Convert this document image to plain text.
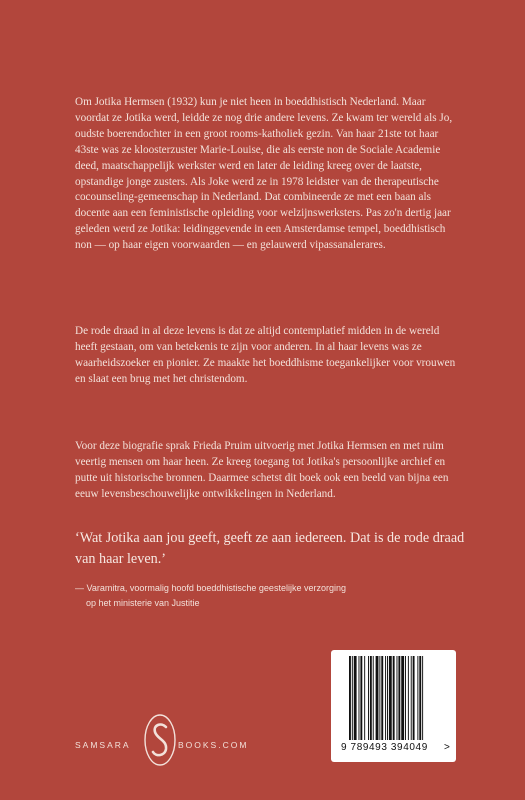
Om Jotika Hermsen (1932) kun je niet heen in boeddhistisch Nederland. Maar voordat ze Jotika werd, leidde ze nog drie andere levens. Ze kwam ter wereld als Jo, oudste boerendochter in een groot rooms-katholiek gezin. Van haar 21ste tot haar 43ste was ze kloosterzuster Marie-Louise, die als eerste non de Sociale Academie deed, maatschappelijk werkster werd en later de leiding kreeg over de laatste, opstandige jonge zusters. Als Joke werd ze in 1978 leidster van de therapeutische cocounseling-gemeenschap in Nederland. Dat combineerde ze met een baan als docente aan een feministische opleiding voor welzijnswerksters. Pas zo'n dertig jaar geleden werd ze Jotika: leidinggevende in een Amsterdamse tempel, boeddhistisch non — op haar eigen voorwaarden — en gelauwerd vipassanalerares.

De rode draad in al deze levens is dat ze altijd contemplatief midden in de wereld heeft gestaan, om van betekenis te zijn voor anderen. In al haar levens was ze waarheidszoeker en pionier. Ze maakte het boeddhisme toegankelijker voor vrouwen en slaat een brug met het christendom.

Voor deze biografie sprak Frieda Pruim uitvoerig met Jotika Hermsen en met ruim veertig mensen om haar heen. Ze kreeg toegang tot Jotika's persoonlijke archief en putte uit historische bronnen. Daarmee schetst dit boek ook een beeld van bijna een eeuw levensbeschouwelijke ontwikkelingen in Nederland.

‘Wat Jotika aan jou geeft, geeft ze aan iedereen. Dat is de rode draad van haar leven.’

— Varamitra, voormalig hoofd boeddhistische geestelijke verzorging
op het ministerie van Justitie

SAMSARA	BOOKS.COM	9 789493 394049 >
